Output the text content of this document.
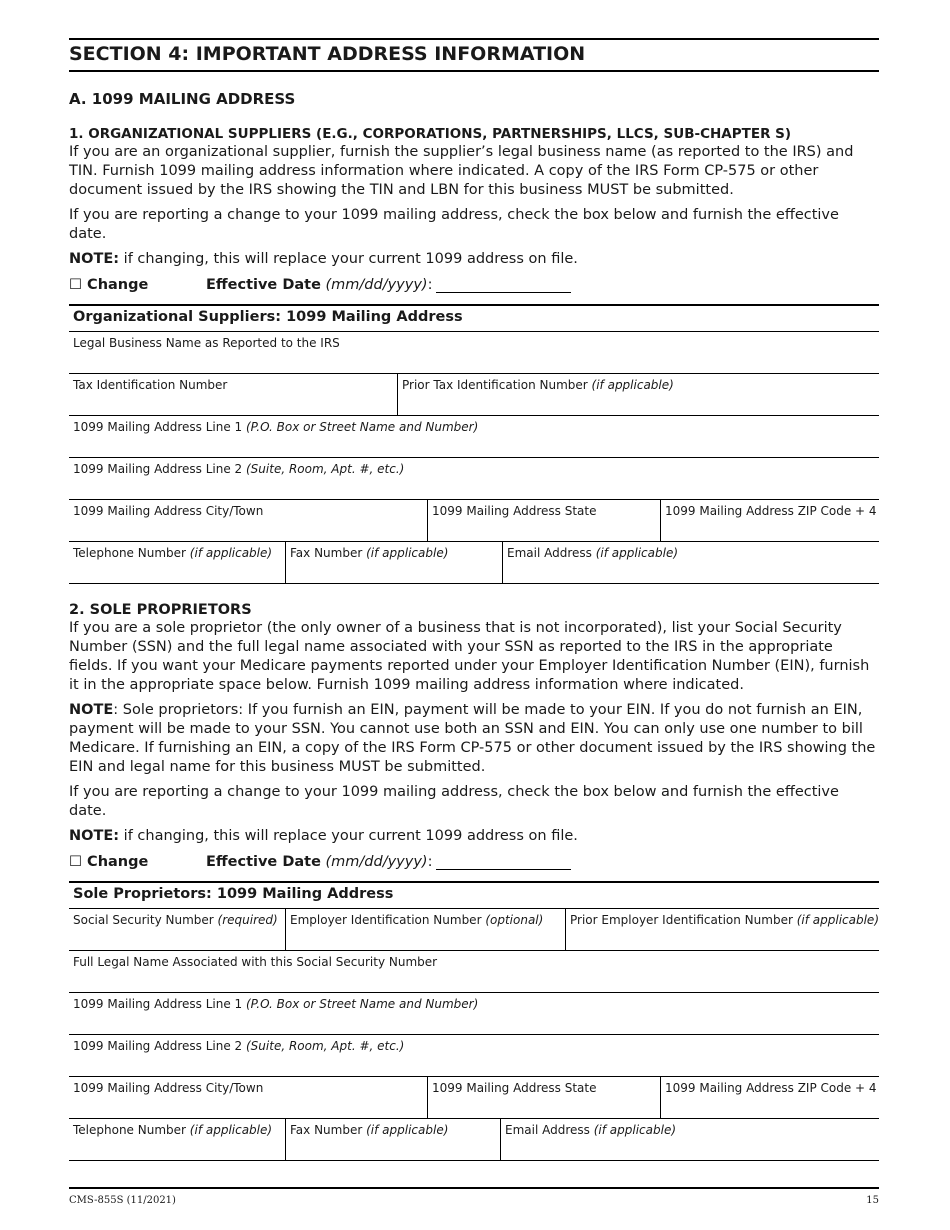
SECTION 4: IMPORTANT ADDRESS INFORMATION
A. 1099 MAILING ADDRESS
1. ORGANIZATIONAL SUPPLIERS (E.G., CORPORATIONS, PARTNERSHIPS, LLCS, SUB-CHAPTER S)

If you are an organizational supplier, furnish the supplier’s legal business name (as reported to the IRS) and TIN. Furnish 1099 mailing address information where indicated. A copy of the IRS Form CP-575 or other document issued by the IRS showing the TIN and LBN for this business MUST be submitted.

If you are reporting a change to your 1099 mailing address, check the box below and furnish the effective date.

NOTE: if changing, this will replace your current 1099 address on file.

☐ Change	Effective Date (mm/dd/yyyy):
Organizational Suppliers: 1099 Mailing Address
Legal Business Name as Reported to the IRS
Tax Identification Number	Prior Tax Identification Number (if applicable)
1099 Mailing Address Line 1 (P.O. Box or Street Name and Number)
1099 Mailing Address Line 2 (Suite, Room, Apt. #, etc.)
1099 Mailing Address City/Town	1099 Mailing Address State	1099 Mailing Address ZIP Code + 4
Telephone Number (if applicable)	Fax Number (if applicable)	Email Address (if applicable)
2. SOLE PROPRIETORS

If you are a sole proprietor (the only owner of a business that is not incorporated), list your Social Security Number (SSN) and the full legal name associated with your SSN as reported to the IRS in the appropriate fields. If you want your Medicare payments reported under your Employer Identification Number (EIN), furnish it in the appropriate space below. Furnish 1099 mailing address information where indicated.

NOTE: Sole proprietors: If you furnish an EIN, payment will be made to your EIN. If you do not furnish an EIN, payment will be made to your SSN. You cannot use both an SSN and EIN. You can only use one number to bill Medicare. If furnishing an EIN, a copy of the IRS Form CP-575 or other document issued by the IRS showing the EIN and legal name for this business MUST be submitted.

If you are reporting a change to your 1099 mailing address, check the box below and furnish the effective date.

NOTE: if changing, this will replace your current 1099 address on file.

☐ Change	Effective Date (mm/dd/yyyy):
Sole Proprietors: 1099 Mailing Address
Social Security Number (required)	Employer Identification Number (optional)	Prior Employer Identification Number (if applicable)
Full Legal Name Associated with this Social Security Number
1099 Mailing Address Line 1 (P.O. Box or Street Name and Number)
1099 Mailing Address Line 2 (Suite, Room, Apt. #, etc.)
1099 Mailing Address City/Town	1099 Mailing Address State	1099 Mailing Address ZIP Code + 4
Telephone Number (if applicable)	Fax Number (if applicable)	Email Address (if applicable)
CMS-855S (11/2021)	15
